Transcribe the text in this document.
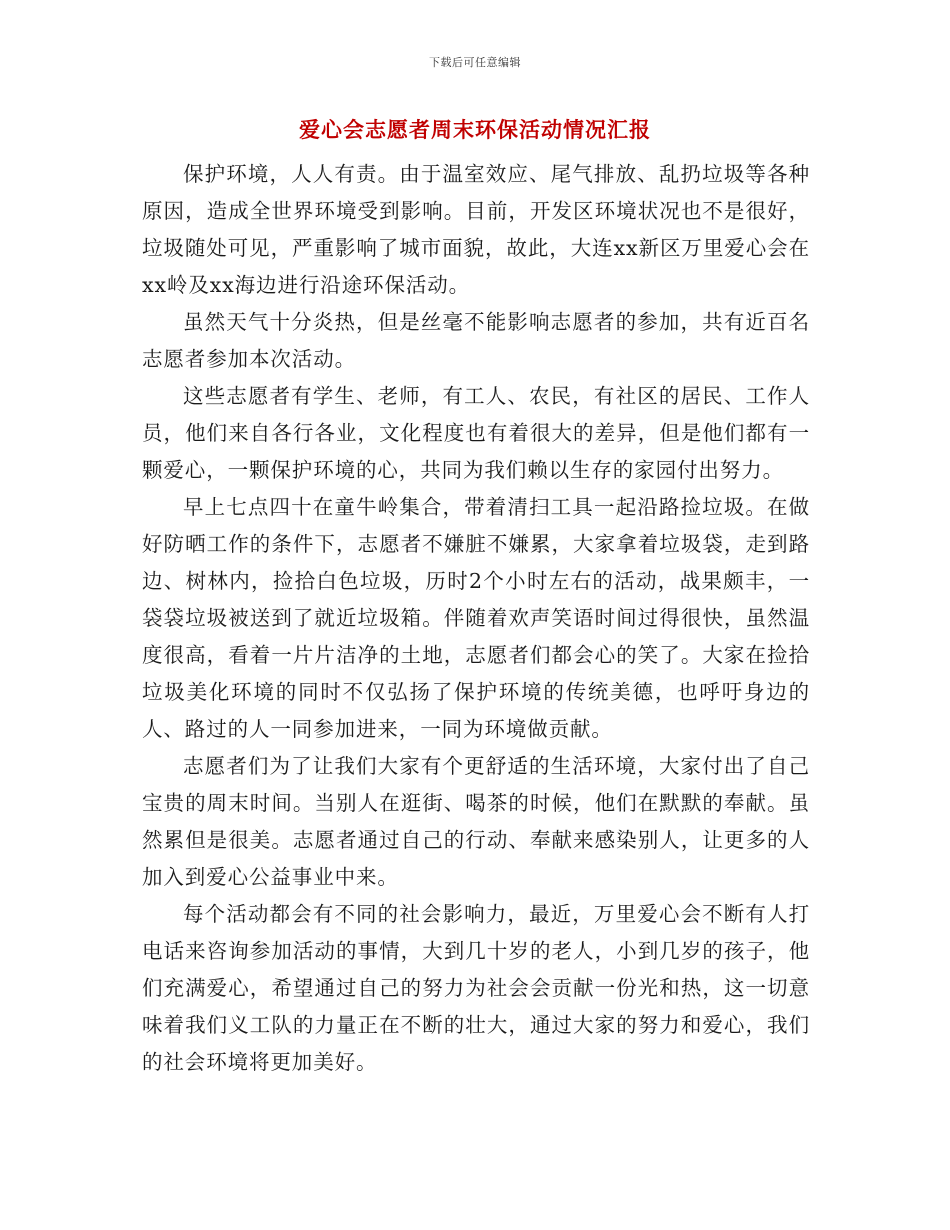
下载后可任意编辑
爱心会志愿者周末环保活动情况汇报

保护环境，人人有责。由于温室效应、尾气排放、乱扔垃圾等各种原因，造成全世界环境受到影响。目前，开发区环境状况也不是很好，垃圾随处可见，严重影响了城市面貌，故此，大连xx新区万里爱心会在xx岭及xx海边进行沿途环保活动。

虽然天气十分炎热，但是丝毫不能影响志愿者的参加，共有近百名志愿者参加本次活动。

这些志愿者有学生、老师，有工人、农民，有社区的居民、工作人员，他们来自各行各业，文化程度也有着很大的差异，但是他们都有一颗爱心，一颗保护环境的心，共同为我们赖以生存的家园付出努力。

早上七点四十在童牛岭集合，带着清扫工具一起沿路捡垃圾。在做好防晒工作的条件下，志愿者不嫌脏不嫌累，大家拿着垃圾袋，走到路边、树林内，捡拾白色垃圾，历时2个小时左右的活动，战果颇丰，一袋袋垃圾被送到了就近垃圾箱。伴随着欢声笑语时间过得很快，虽然温度很高，看着一片片洁净的土地，志愿者们都会心的笑了。大家在捡拾垃圾美化环境的同时不仅弘扬了保护环境的传统美德，也呼吁身边的人、路过的人一同参加进来，一同为环境做贡献。

志愿者们为了让我们大家有个更舒适的生活环境，大家付出了自己宝贵的周末时间。当别人在逛街、喝茶的时候，他们在默默的奉献。虽然累但是很美。志愿者通过自己的行动、奉献来感染别人，让更多的人加入到爱心公益事业中来。

每个活动都会有不同的社会影响力，最近，万里爱心会不断有人打电话来咨询参加活动的事情，大到几十岁的老人，小到几岁的孩子，他们充满爱心，希望通过自己的努力为社会会贡献一份光和热，这一切意味着我们义工队的力量正在不断的壮大，通过大家的努力和爱心，我们的社会环境将更加美好。
